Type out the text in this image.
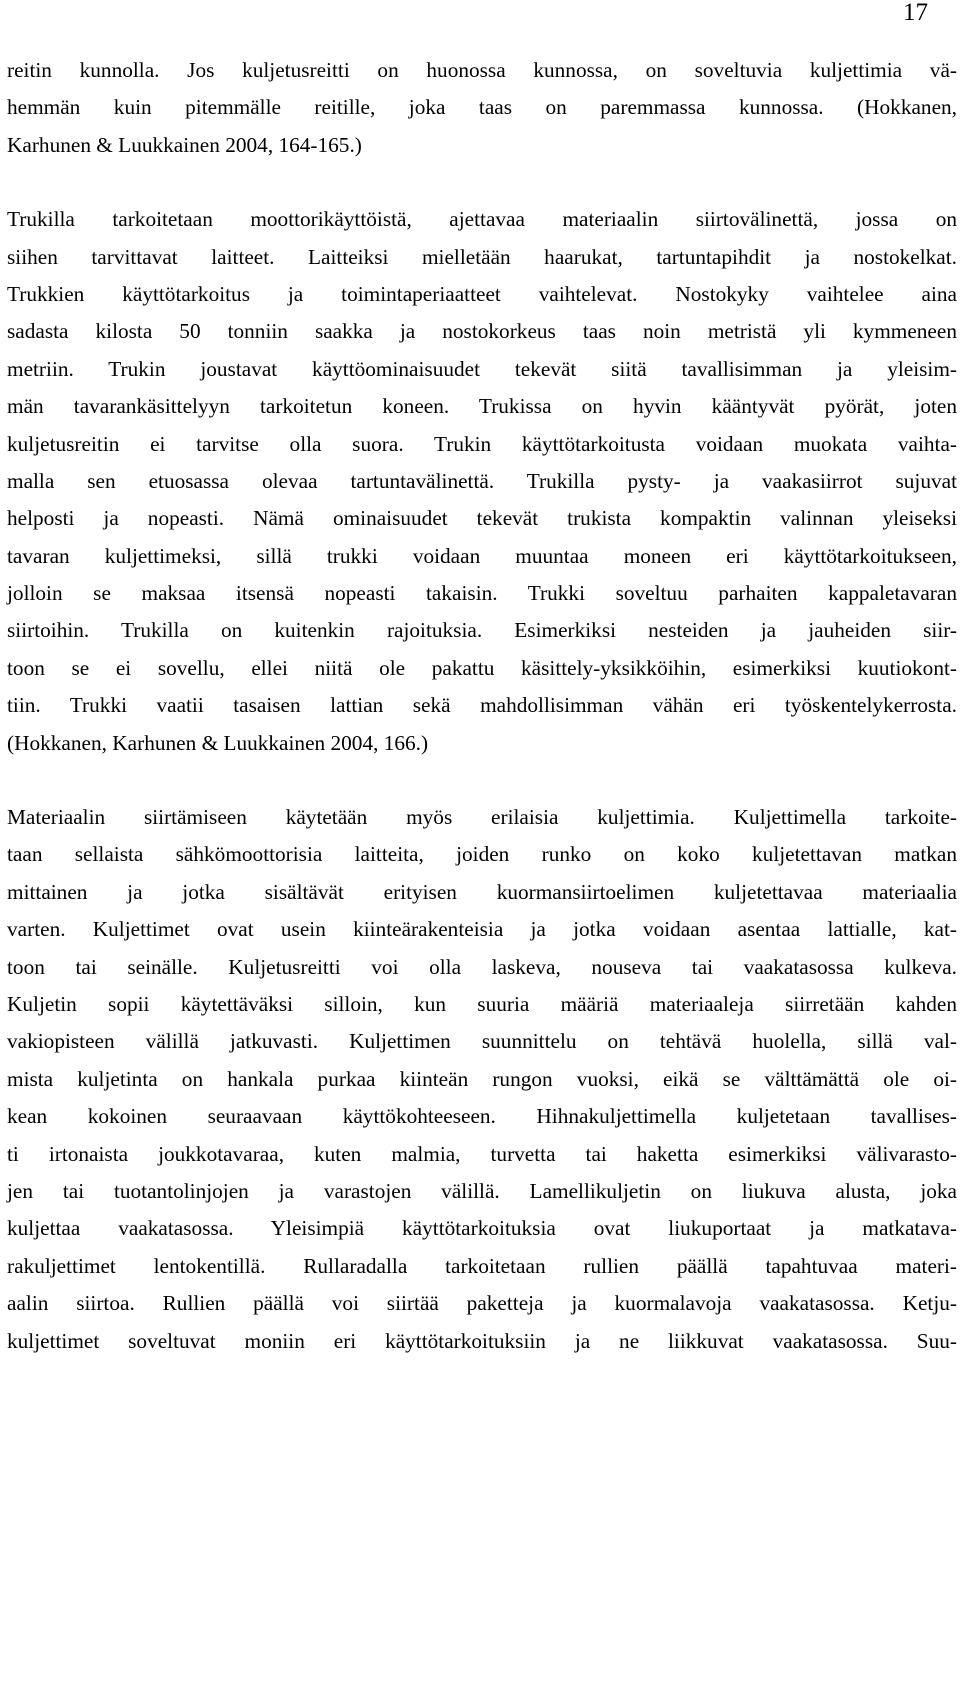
17
reitin kunnolla. Jos kuljetusreitti on huonossa kunnossa, on soveltuvia kuljettimia vä-
hemmän kuin pitemmälle reitille, joka taas on paremmassa kunnossa. (Hokkanen,
Karhunen & Luukkainen 2004, 164-165.)
Trukilla tarkoitetaan moottorikäyttöistä, ajettavaa materiaalin siirtovälinettä, jossa on
siihen tarvittavat laitteet. Laitteiksi mielletään haarukat, tartuntapihdit ja nostokelkat.
Trukkien käyttötarkoitus ja toimintaperiaatteet vaihtelevat. Nostokyky vaihtelee aina
sadasta kilosta 50 tonniin saakka ja nostokorkeus taas noin metristä yli kymmeneen
metriin. Trukin joustavat käyttöominaisuudet tekevät siitä tavallisimman ja yleisim-
män tavarankäsittelyyn tarkoitetun koneen. Trukissa on hyvin kääntyvät pyörät, joten
kuljetusreitin ei tarvitse olla suora. Trukin käyttötarkoitusta voidaan muokata vaihta-
malla sen etuosassa olevaa tartuntavälinettä. Trukilla pysty- ja vaakasiirrot sujuvat
helposti ja nopeasti. Nämä ominaisuudet tekevät trukista kompaktin valinnan yleiseksi
tavaran kuljettimeksi, sillä trukki voidaan muuntaa moneen eri käyttötarkoitukseen,
jolloin se maksaa itsensä nopeasti takaisin. Trukki soveltuu parhaiten kappaletavaran
siirtoihin. Trukilla on kuitenkin rajoituksia. Esimerkiksi nesteiden ja jauheiden siir-
toon se ei sovellu, ellei niitä ole pakattu käsittely-yksikköihin, esimerkiksi kuutiokont-
tiin. Trukki vaatii tasaisen lattian sekä mahdollisimman vähän eri työskentelykerrosta.
(Hokkanen, Karhunen & Luukkainen 2004, 166.)
Materiaalin siirtämiseen käytetään myös erilaisia kuljettimia. Kuljettimella tarkoite-
taan sellaista sähkömoottorisia laitteita, joiden runko on koko kuljetettavan matkan
mittainen ja jotka sisältävät erityisen kuormansiirtoelimen kuljetettavaa materiaalia
varten. Kuljettimet ovat usein kiinteärakenteisia ja jotka voidaan asentaa lattialle, kat-
toon tai seinälle. Kuljetusreitti voi olla laskeva, nouseva tai vaakatasossa kulkeva.
Kuljetin sopii käytettäväksi silloin, kun suuria määriä materiaaleja siirretään kahden
vakiopisteen välillä jatkuvasti. Kuljettimen suunnittelu on tehtävä huolella, sillä val-
mista kuljetinta on hankala purkaa kiinteän rungon vuoksi, eikä se välttämättä ole oi-
kean kokoinen seuraavaan käyttökohteeseen. Hihnakuljettimella kuljetetaan tavallises-
ti irtonaista joukkotavaraa, kuten malmia, turvetta tai haketta esimerkiksi välivarasto-
jen tai tuotantolinjojen ja varastojen välillä. Lamellikuljetin on liukuva alusta, joka
kuljettaa vaakatasossa. Yleisimpiä käyttötarkoituksia ovat liukuportaat ja matkatava-
rakuljettimet lentokentillä. Rullaradalla tarkoitetaan rullien päällä tapahtuvaa materi-
aalin siirtoa. Rullien päällä voi siirtää paketteja ja kuormalavoja vaakatasossa. Ketju-
kuljettimet soveltuvat moniin eri käyttötarkoituksiin ja ne liikkuvat vaakatasossa. Suu-
